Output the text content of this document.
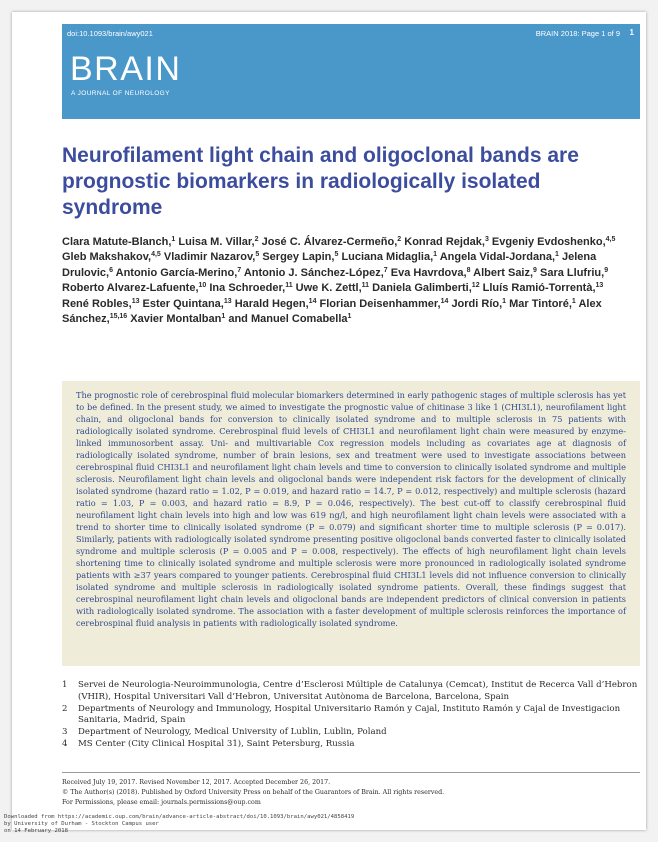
doi:10.1093/brain/awy021	BRAIN 2018: Page 1 of 9 1
BRAIN
A JOURNAL OF NEUROLOGY
Neurofilament light chain and oligoclonal bands are prognostic biomarkers in radiologically isolated syndrome
Clara Matute-Blanch,$^1$ Luisa M. Villar,$^2$ José C. Álvarez-Cermeño,$^2$ Konrad Rejdak,$^3$ Evgeniy Evdoshenko,$^{4,5}$ Gleb Makshakov,$^{4,5}$ Vladimir Nazarov,$^5$ Sergey Lapin,$^5$ Luciana Midaglia,$^1$ Angela Vidal-Jordana,$^1$ Jelena Drulovic,$^6$ Antonio García-Merino,$^7$ Antonio J. Sánchez-López,$^7$ Eva Havrdova,$^8$ Albert Saiz,$^9$ Sara Llufriu,$^9$ Roberto Alvarez-Lafuente,$^{10}$ Ina Schroeder,$^{11}$ Uwe K. Zettl,$^{11}$ Daniela Galimberti,$^{12}$ Lluís Ramió-Torrentà,$^{13}$ René Robles,$^{13}$ Ester Quintana,$^{13}$ Harald Hegen,$^{14}$ Florian Deisenhammer,$^{14}$ Jordi Río,$^1$ Mar Tintoré,$^1$ Alex Sánchez,$^{15,16}$ Xavier Montalban$^1$ and Manuel Comabella$^1$

The prognostic role of cerebrospinal fluid molecular biomarkers determined in early pathogenic stages of multiple sclerosis has yet to be defined. In the present study, we aimed to investigate the prognostic value of chitinase 3 like 1 (CHI3L1), neurofilament light chain, and oligoclonal bands for conversion to clinically isolated syndrome and to multiple sclerosis in 75 patients with radiologically isolated syndrome. Cerebrospinal fluid levels of CHI3L1 and neurofilament light chain were measured by enzyme-linked immunosorbent assay. Uni- and multivariable Cox regression models including as covariates age at diagnosis of radiologically isolated syndrome, number of brain lesions, sex and treatment were used to investigate associations between cerebrospinal fluid CHI3L1 and neurofilament light chain levels and time to conversion to clinically isolated syndrome and multiple sclerosis. Neurofilament light chain levels and oligoclonal bands were independent risk factors for the development of clinically isolated syndrome (hazard ratio = 1.02, P = 0.019, and hazard ratio = 14.7, P = 0.012, respectively) and multiple sclerosis (hazard ratio = 1.03, P = 0.003, and hazard ratio = 8.9, P = 0.046, respectively). The best cut-off to classify cerebrospinal fluid neurofilament light chain levels into high and low was 619 ng/l, and high neurofilament light chain levels were associated with a trend to shorter time to clinically isolated syndrome (P = 0.079) and significant shorter time to multiple sclerosis (P = 0.017). Similarly, patients with radiologically isolated syndrome presenting positive oligoclonal bands converted faster to clinically isolated syndrome and multiple sclerosis (P = 0.005 and P = 0.008, respectively). The effects of high neurofilament light chain levels shortening time to clinically isolated syndrome and multiple sclerosis were more pronounced in radiologically isolated syndrome patients with ≥37 years compared to younger patients. Cerebrospinal fluid CHI3L1 levels did not influence conversion to clinically isolated syndrome and multiple sclerosis in radiologically isolated syndrome patients. Overall, these findings suggest that cerebrospinal neurofilament light chain levels and oligoclonal bands are independent predictors of clinical conversion in patients with radiologically isolated syndrome. The association with a faster development of multiple sclerosis reinforces the importance of cerebrospinal fluid analysis in patients with radiologically isolated syndrome.

1	Servei de Neurologia-Neuroimmunologia, Centre d’Esclerosi Múltiple de Catalunya (Cemcat), Institut de Recerca Vall d’Hebron (VHIR), Hospital Universitari Vall d’Hebron, Universitat Autònoma de Barcelona, Barcelona, Spain
2	Departments of Neurology and Immunology, Hospital Universitario Ramón y Cajal, Instituto Ramón y Cajal de Investigacion Sanitaria, Madrid, Spain
3	Department of Neurology, Medical University of Lublin, Lublin, Poland
4	MS Center (City Clinical Hospital 31), Saint Petersburg, Russia
Received July 19, 2017. Revised November 12, 2017. Accepted December 26, 2017.
© The Author(s) (2018). Published by Oxford University Press on behalf of the Guarantors of Brain. All rights reserved.
For Permissions, please email: journals.permissions@oup.com
Downloaded from https://academic.oup.com/brain/advance-article-abstract/doi/10.1093/brain/awy021/4858419
by University of Durham - Stockton Campus user
on 14 February 2018
